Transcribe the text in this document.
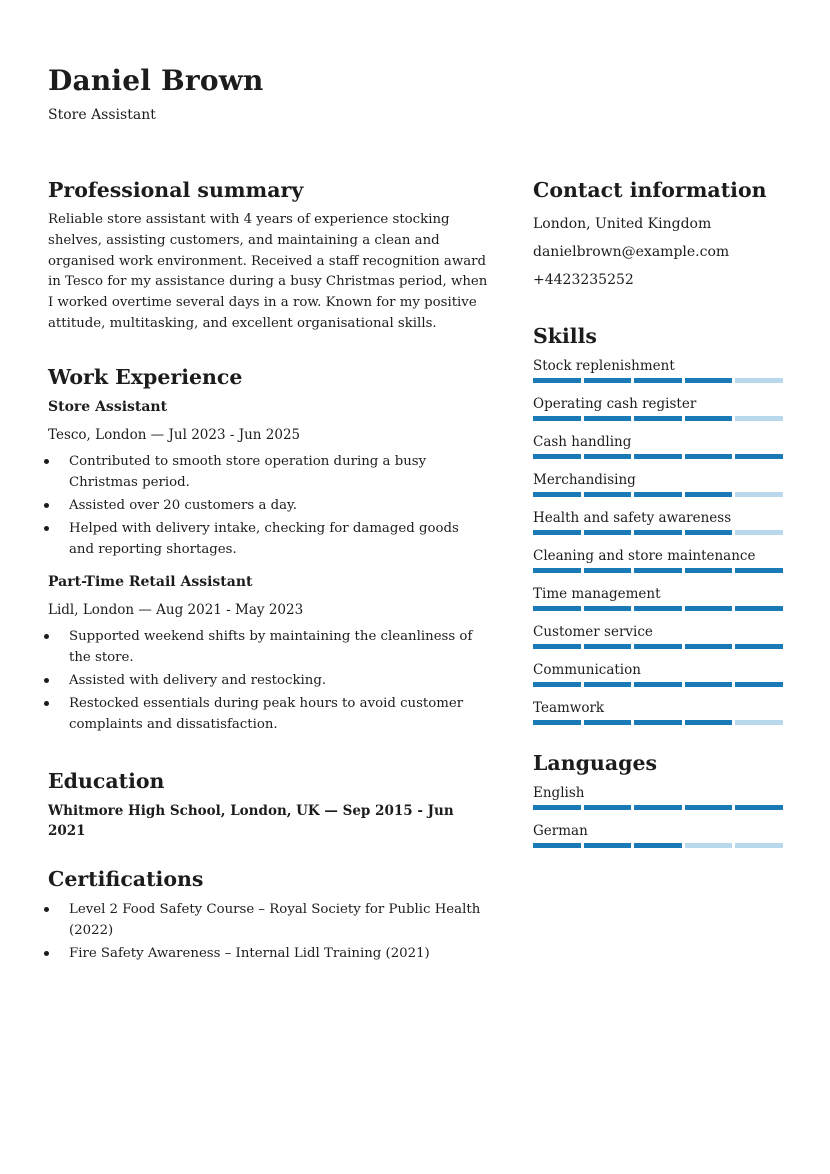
Daniel Brown
Store Assistant
Professional summary

Reliable store assistant with 4 years of experience stocking shelves, assisting customers, and maintaining a clean and organised work environment. Received a staff recognition award in Tesco for my assistance during a busy Christmas period, when I worked overtime several days in a row. Known for my positive attitude, multitasking, and excellent organisational skills.

Work Experience
Store Assistant
Tesco, London — Jul 2023 - Jun 2025
Contributed to smooth store operation during a busy Christmas period.
Assisted over 20 customers a day.
Helped with delivery intake, checking for damaged goods and reporting shortages.
Part-Time Retail Assistant
Lidl, London — Aug 2021 - May 2023
Supported weekend shifts by maintaining the cleanliness of the store.
Assisted with delivery and restocking.
Restocked essentials during peak hours to avoid customer complaints and dissatisfaction.
Education
Whitmore High School, London, UK — Sep 2015 - Jun 2021
Certifications
Level 2 Food Safety Course – Royal Society for Public Health (2022)
Fire Safety Awareness – Internal Lidl Training (2021)
Contact information
London, United Kingdom
danielbrown@example.com
+4423235252
Skills
Stock replenishment
Operating cash register
Cash handling
Merchandising
Health and safety awareness
Cleaning and store maintenance
Time management
Customer service
Communication
Teamwork
Languages
English
German
